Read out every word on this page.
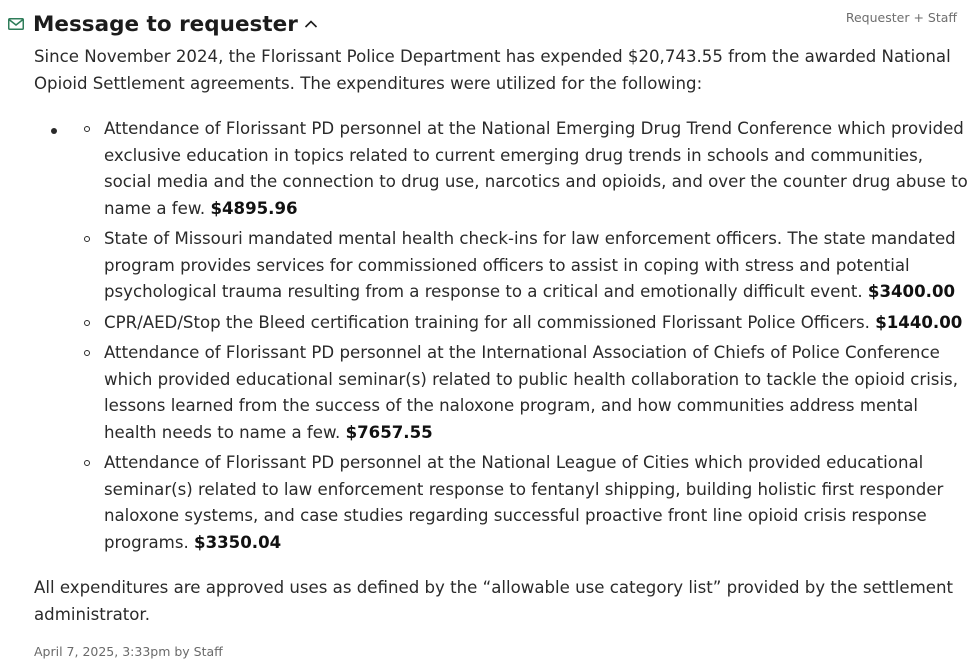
Message to requester	Requester + Staff

Since November 2024, the Florissant Police Department has expended $20,743.55 from the awarded National Opioid Settlement agreements. The expenditures were utilized for the following:

Attendance of Florissant PD personnel at the National Emerging Drug Trend Conference which provided exclusive education in topics related to current emerging drug trends in schools and communities, social media and the connection to drug use, narcotics and opioids, and over the counter drug abuse to name a few. $4895.96
State of Missouri mandated mental health check-ins for law enforcement officers. The state mandated program provides services for commissioned officers to assist in coping with stress and potential psychological trauma resulting from a response to a critical and emotionally difficult event. $3400.00
CPR/AED/Stop the Bleed certification training for all commissioned Florissant Police Officers. $1440.00
Attendance of Florissant PD personnel at the International Association of Chiefs of Police Conference which provided educational seminar(s) related to public health collaboration to tackle the opioid crisis, lessons learned from the success of the naloxone program, and how communities address mental health needs to name a few. $7657.55
Attendance of Florissant PD personnel at the National League of Cities which provided educational seminar(s) related to law enforcement response to fentanyl shipping, building holistic first responder naloxone systems, and case studies regarding successful proactive front line opioid crisis response programs. $3350.04

All expenditures are approved uses as defined by the “allowable use category list” provided by the settlement administrator.

April 7, 2025, 3:33pm by Staff
